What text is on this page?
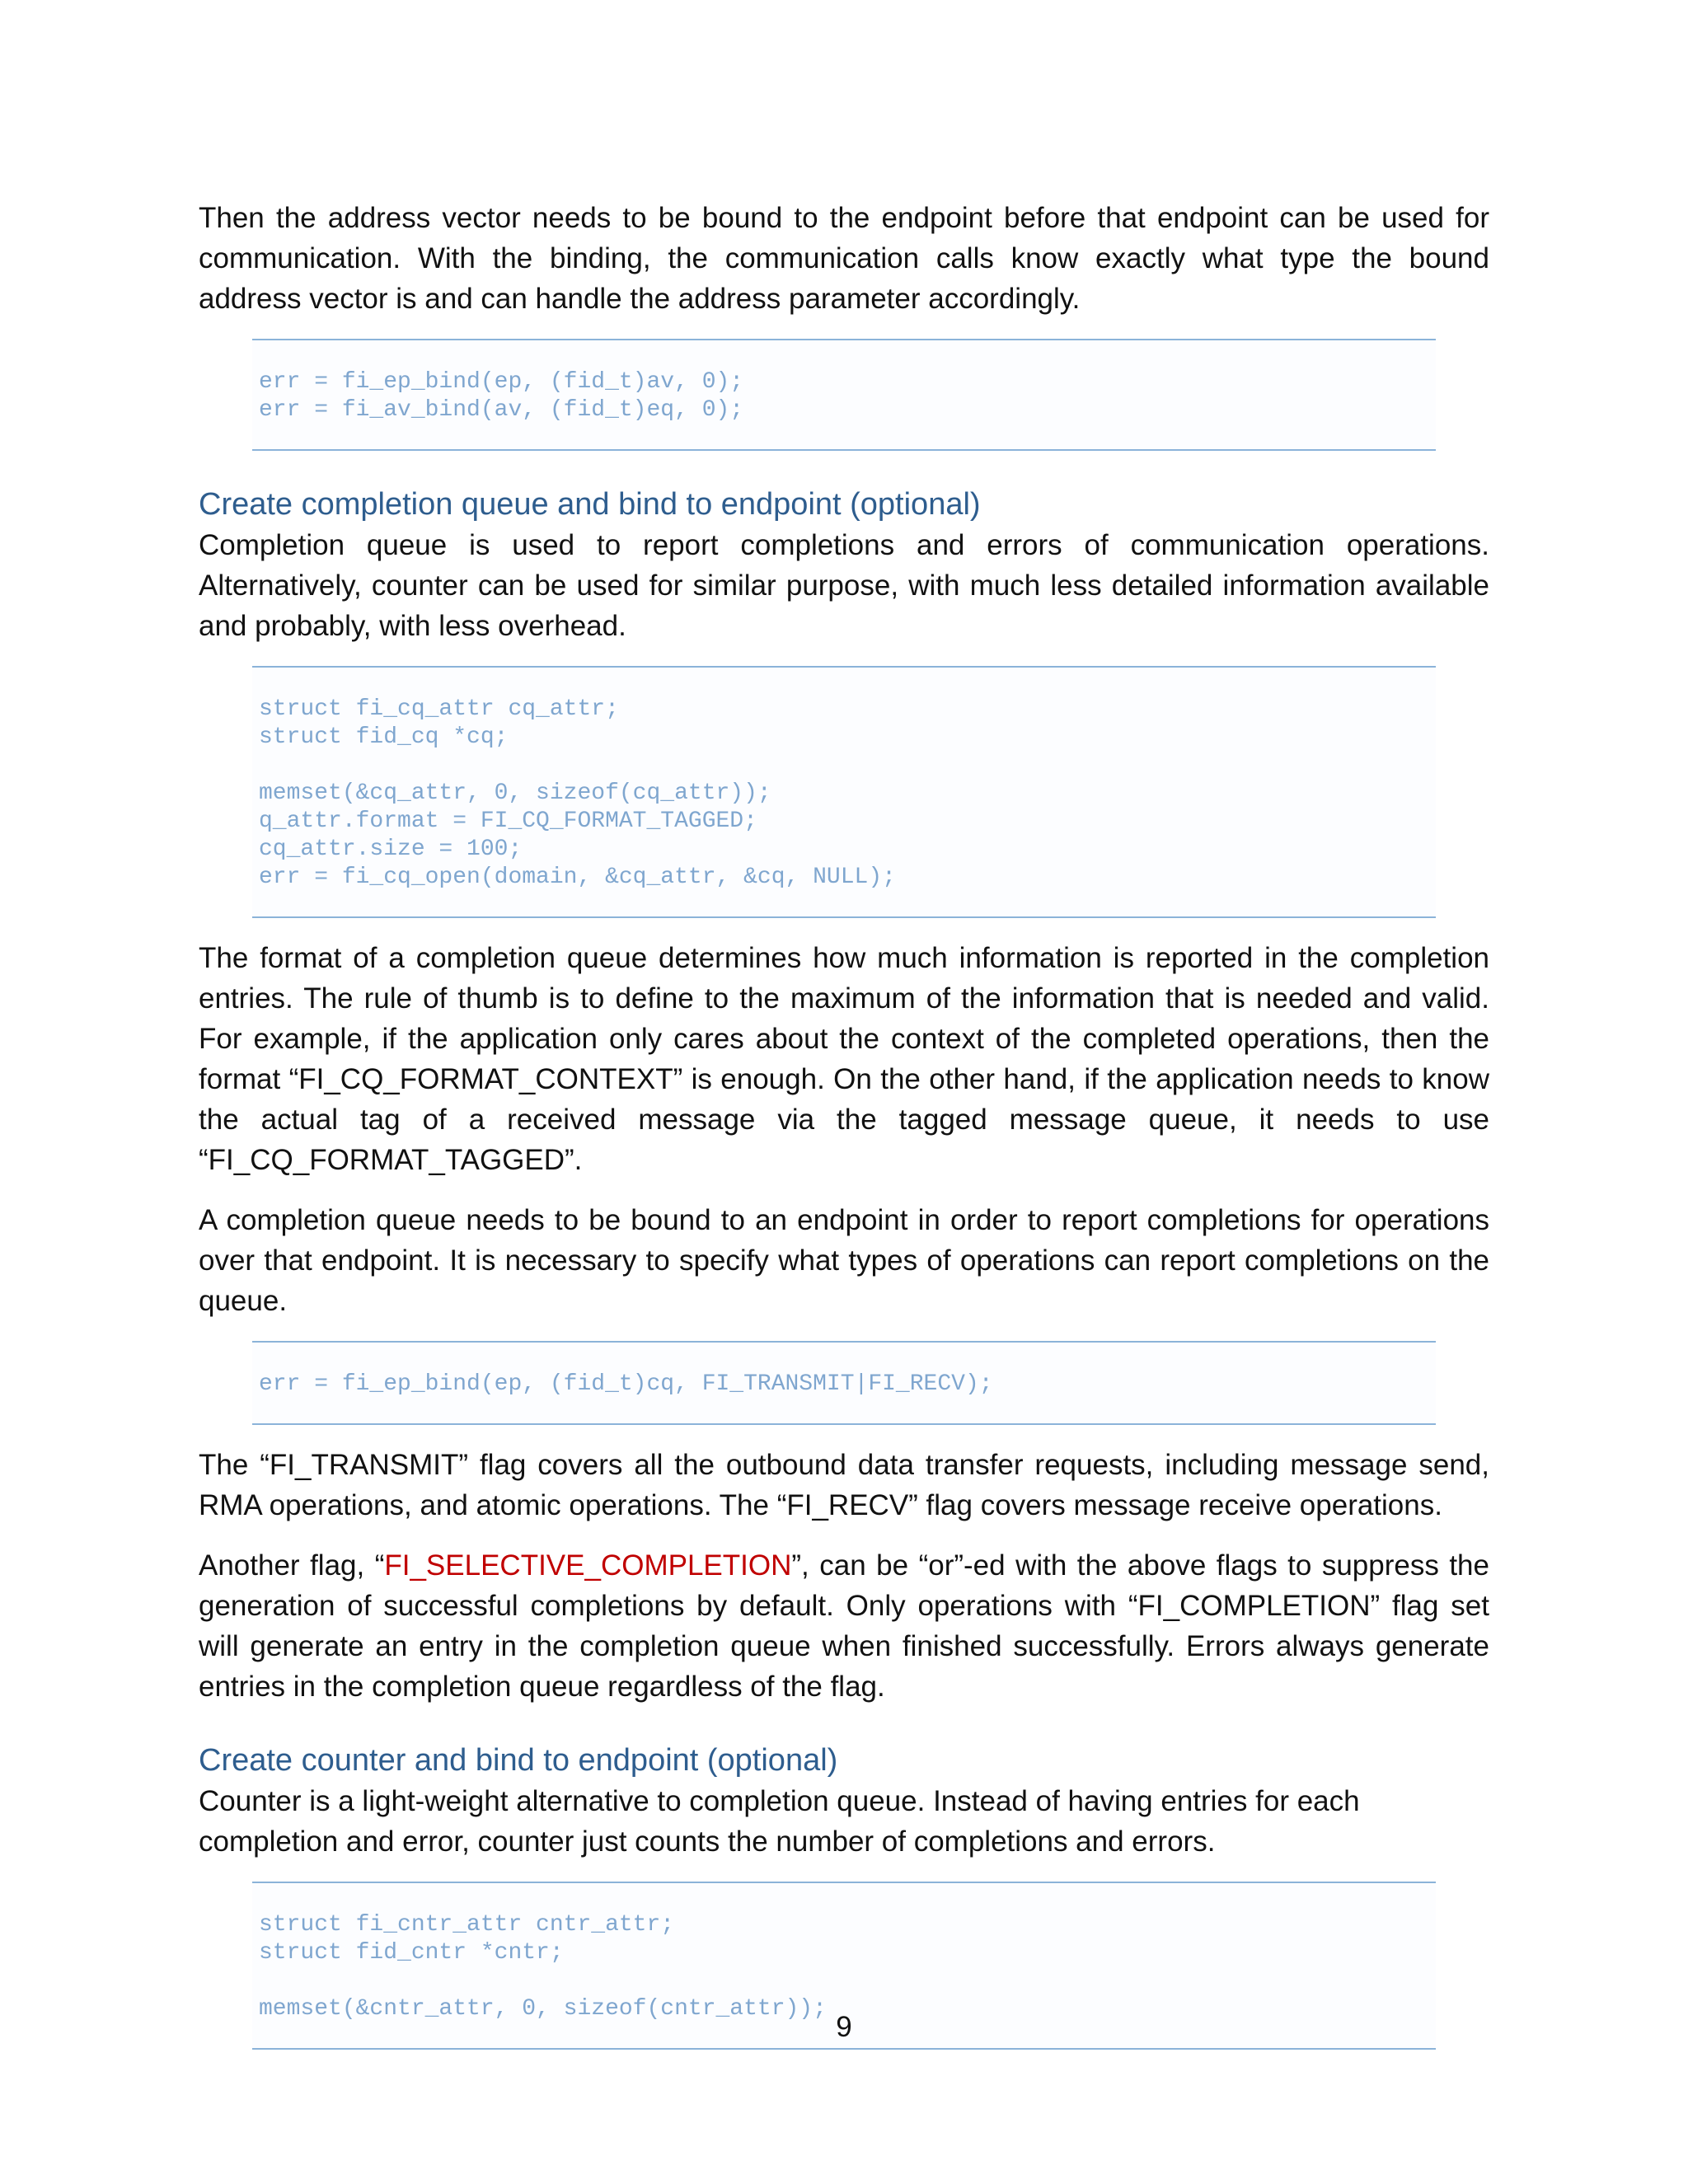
Then the address vector needs to be bound to the endpoint before that endpoint can be used for communication. With the binding, the communication calls know exactly what type the bound address vector is and can handle the address parameter accordingly.

err = fi_ep_bind(ep, (fid_t)av, 0);
err = fi_av_bind(av, (fid_t)eq, 0);
Create completion queue and bind to endpoint (optional)

Completion queue is used to report completions and errors of communication operations. Alternatively, counter can be used for similar purpose, with much less detailed information available and probably, with less overhead.

struct fi_cq_attr cq_attr;
struct fid_cq *cq;
memset(&cq_attr, 0, sizeof(cq_attr));
q_attr.format = FI_CQ_FORMAT_TAGGED;
cq_attr.size = 100;
err = fi_cq_open(domain, &cq_attr, &cq, NULL);

The format of a completion queue determines how much information is reported in the completion entries. The rule of thumb is to define to the maximum of the information that is needed and valid. For example, if the application only cares about the context of the completed operations, then the format “FI_CQ_FORMAT_CONTEXT” is enough. On the other hand, if the application needs to know the actual tag of a received message via the tagged message queue, it needs to use “FI_CQ_FORMAT_TAGGED”.

A completion queue needs to be bound to an endpoint in order to report completions for operations over that endpoint. It is necessary to specify what types of operations can report completions on the queue.

err = fi_ep_bind(ep, (fid_t)cq, FI_TRANSMIT|FI_RECV);

The “FI_TRANSMIT” flag covers all the outbound data transfer requests, including message send, RMA operations, and atomic operations. The “FI_RECV” flag covers message receive operations.

Another flag, “FI_SELECTIVE_COMPLETION”, can be “or”-ed with the above flags to suppress the generation of successful completions by default. Only operations with “FI_COMPLETION” flag set will generate an entry in the completion queue when finished successfully. Errors always generate entries in the completion queue regardless of the flag.

Create counter and bind to endpoint (optional)

Counter is a light-weight alternative to completion queue. Instead of having entries for each completion and error, counter just counts the number of completions and errors.

struct fi_cntr_attr cntr_attr;
struct fid_cntr *cntr;
memset(&cntr_attr, 0, sizeof(cntr_attr));
9
